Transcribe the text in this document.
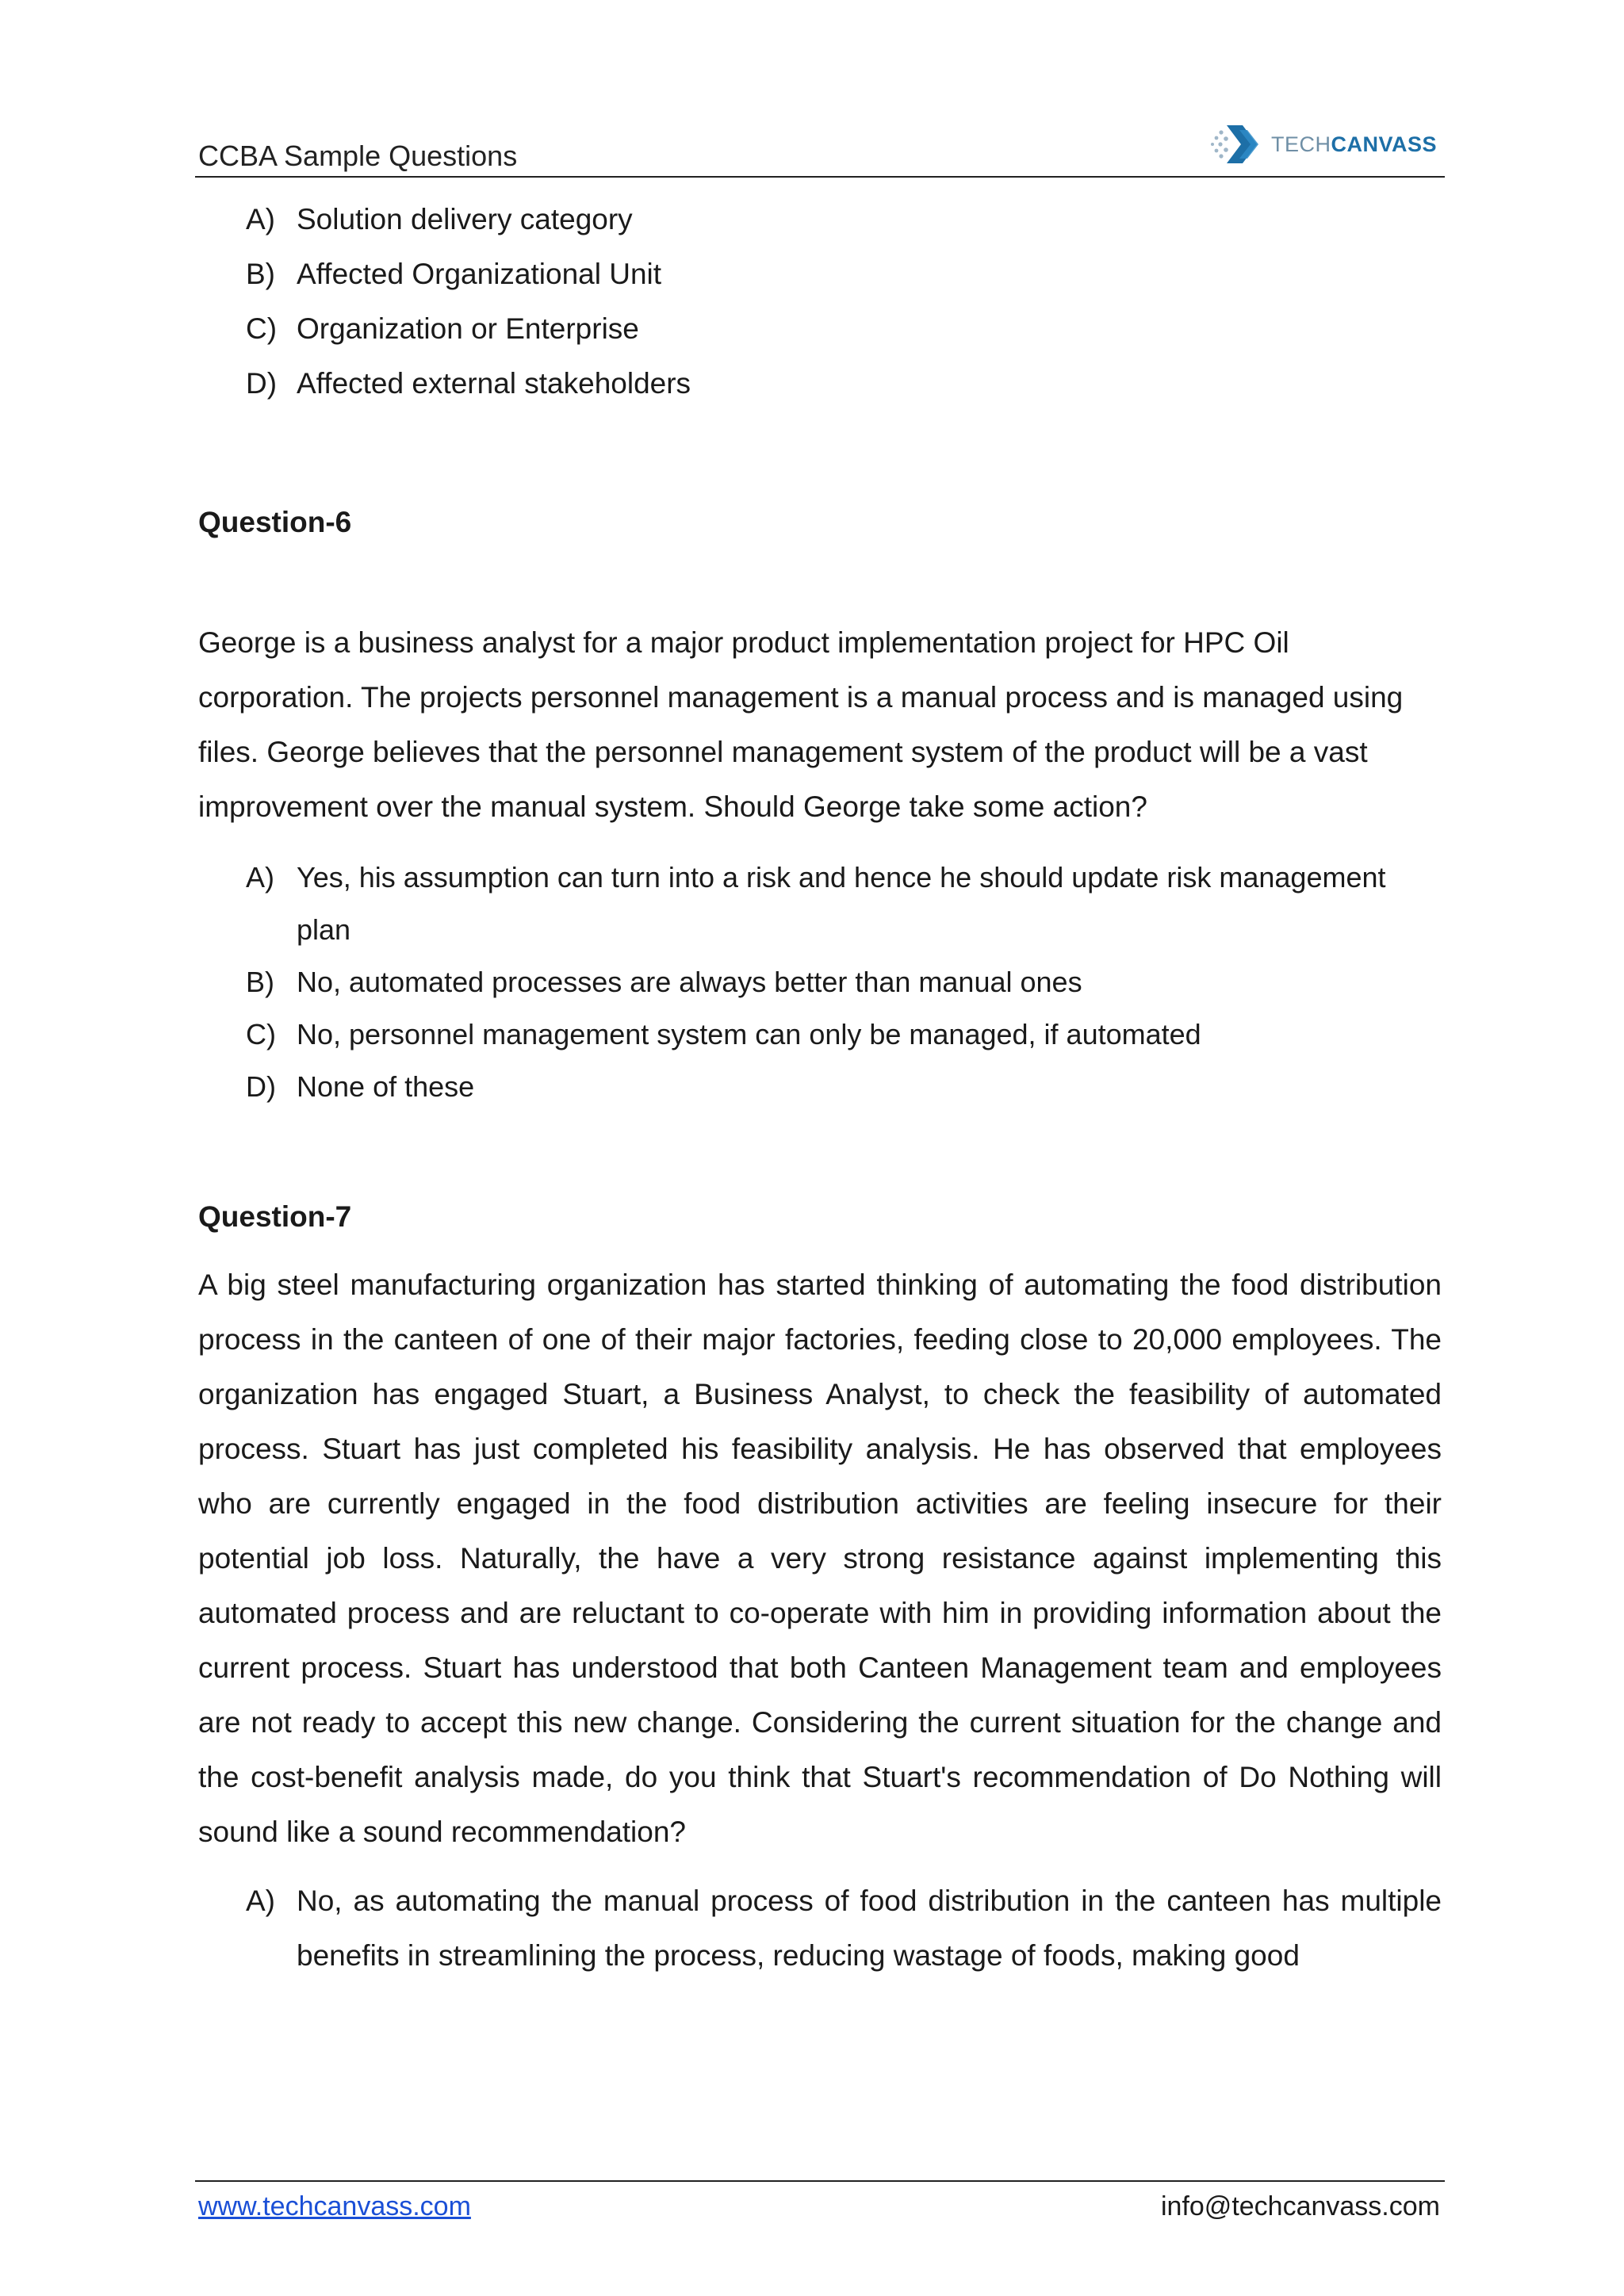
CCBA Sample Questions	TECHCANVASS
A) Solution delivery category
B) Affected Organizational Unit
C) Organization or Enterprise
D) Affected external stakeholders
Question-6

George is a business analyst for a major product implementation project for HPC Oil corporation. The projects personnel management is a manual process and is managed using files. George believes that the personnel management system of the product will be a vast improvement over the manual system. Should George take some action?

A) Yes, his assumption can turn into a risk and hence he should update risk management plan
B) No, automated processes are always better than manual ones
C) No, personnel management system can only be managed, if automated
D) None of these
Question-7

A big steel manufacturing organization has started thinking of automating the food distribution process in the canteen of one of their major factories, feeding close to 20,000 employees. The organization has engaged Stuart, a Business Analyst, to check the feasibility of automated process. Stuart has just completed his feasibility analysis. He has observed that employees who are currently engaged in the food distribution activities are feeling insecure for their potential job loss. Naturally, the have a very strong resistance against implementing this automated process and are reluctant to co-operate with him in providing information about the current process. Stuart has understood that both Canteen Management team and employees are not ready to accept this new change. Considering the current situation for the change and the cost-benefit analysis made, do you think that Stuart's recommendation of Do Nothing will sound like a sound recommendation?

A) No, as automating the manual process of food distribution in the canteen has multiple benefits in streamlining the process, reducing wastage of foods, making good
www.techcanvass.com	info@techcanvass.com
